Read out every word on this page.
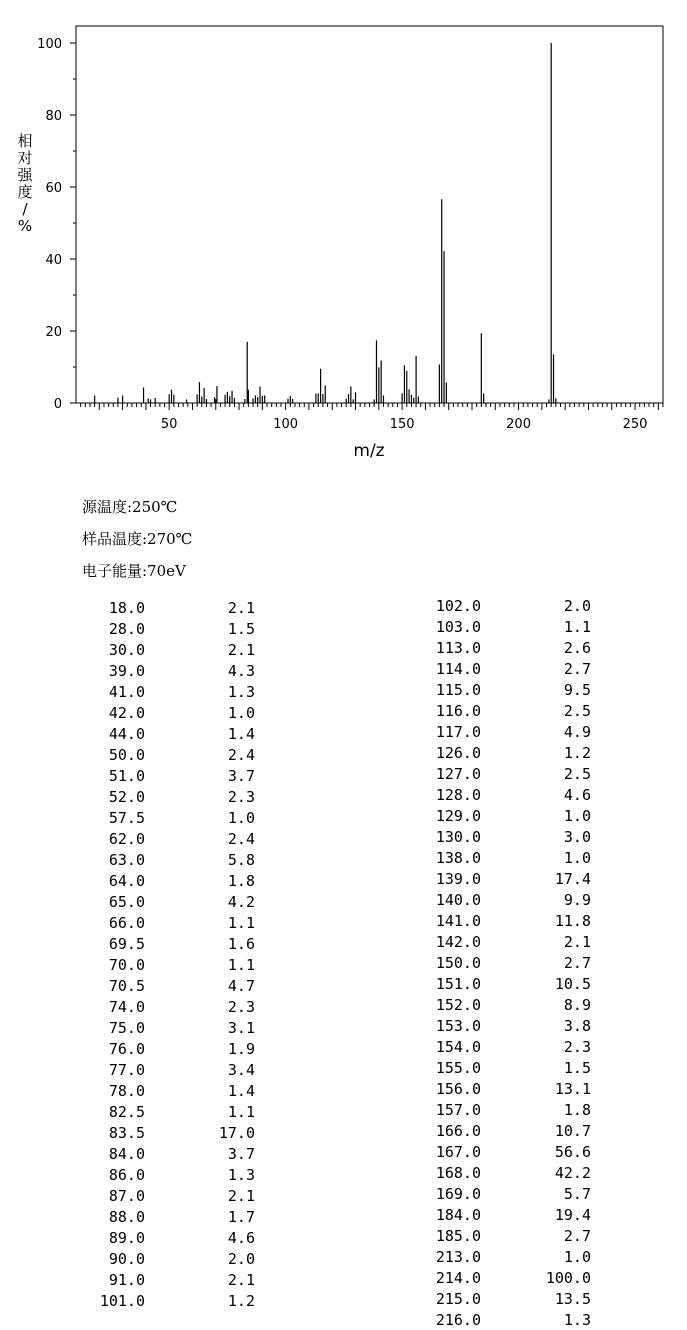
0
20
40
60
80
100
50	100	150	200	250
m/z
相对强度/ %
源温度:250℃
样品温度:270℃
电子能量:70eV
18.0	2.1
28.0	1.5
30.0	2.1
39.0	4.3
41.0	1.3
42.0	1.0
44.0	1.4
50.0	2.4
51.0	3.7
52.0	2.3
57.5	1.0
62.0	2.4
63.0	5.8
64.0	1.8
65.0	4.2
66.0	1.1
69.5	1.6
70.0	1.1
70.5	4.7
74.0	2.3
75.0	3.1
76.0	1.9
77.0	3.4
78.0	1.4
82.5	1.1
83.5	17.0
84.0	3.7
86.0	1.3
87.0	2.1
88.0	1.7
89.0	4.6
90.0	2.0
91.0	2.1
101.0	1.2
102.0	2.0
103.0	1.1
113.0	2.6
114.0	2.7
115.0	9.5
116.0	2.5
117.0	4.9
126.0	1.2
127.0	2.5
128.0	4.6
129.0	1.0
130.0	3.0
138.0	1.0
139.0	17.4
140.0	9.9
141.0	11.8
142.0	2.1
150.0	2.7
151.0	10.5
152.0	8.9
153.0	3.8
154.0	2.3
155.0	1.5
156.0	13.1
157.0	1.8
166.0	10.7
167.0	56.6
168.0	42.2
169.0	5.7
184.0	19.4
185.0	2.7
213.0	1.0
214.0	100.0
215.0	13.5
216.0	1.3
